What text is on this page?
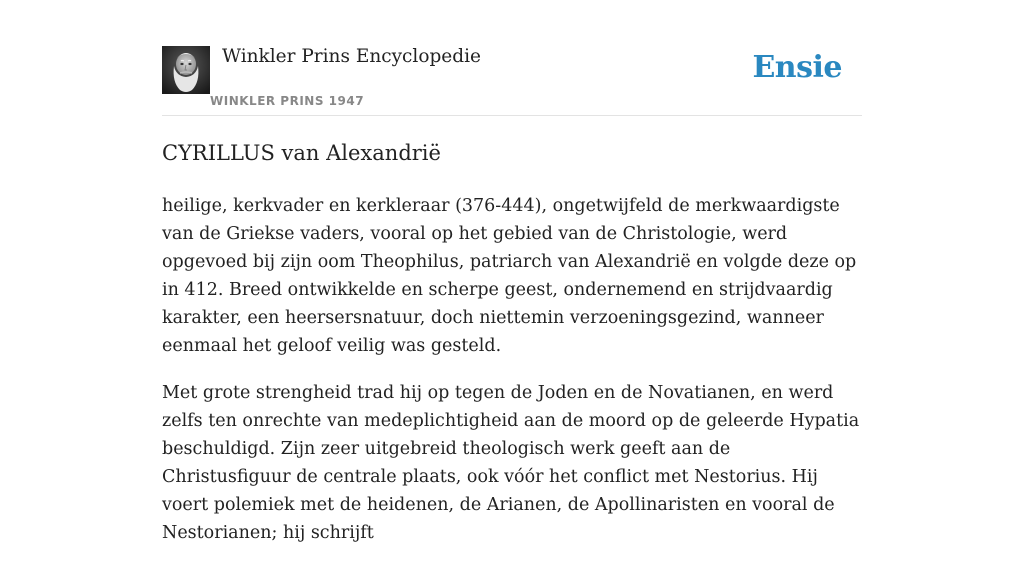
Winkler Prins Encyclopedie
WINKLER PRINS 1947
Ensie
CYRILLUS van Alexandrië

heilige, kerkvader en kerkleraar (376-444), ongetwijfeld de merkwaardigste van de Griekse vaders, vooral op het gebied van de Christologie, werd opgevoed bij zijn oom Theophilus, patriarch van Alexandrië en volgde deze op in 412. Breed ontwikkelde en scherpe geest, ondernemend en strijdvaardig karakter, een heersersnatuur, doch niettemin verzoeningsgezind, wanneer eenmaal het geloof veilig was gesteld.

Met grote strengheid trad hij op tegen de Joden en de Novatianen, en werd zelfs ten onrechte van medeplichtigheid aan de moord op de geleerde Hypatia beschuldigd. Zijn zeer uitgebreid theologisch werk geeft aan de Christusfiguur de centrale plaats, ook vóór het conflict met Nestorius. Hij voert polemiek met de heidenen, de Arianen, de Apollinaristen en vooral de Nestorianen; hij schrijft
